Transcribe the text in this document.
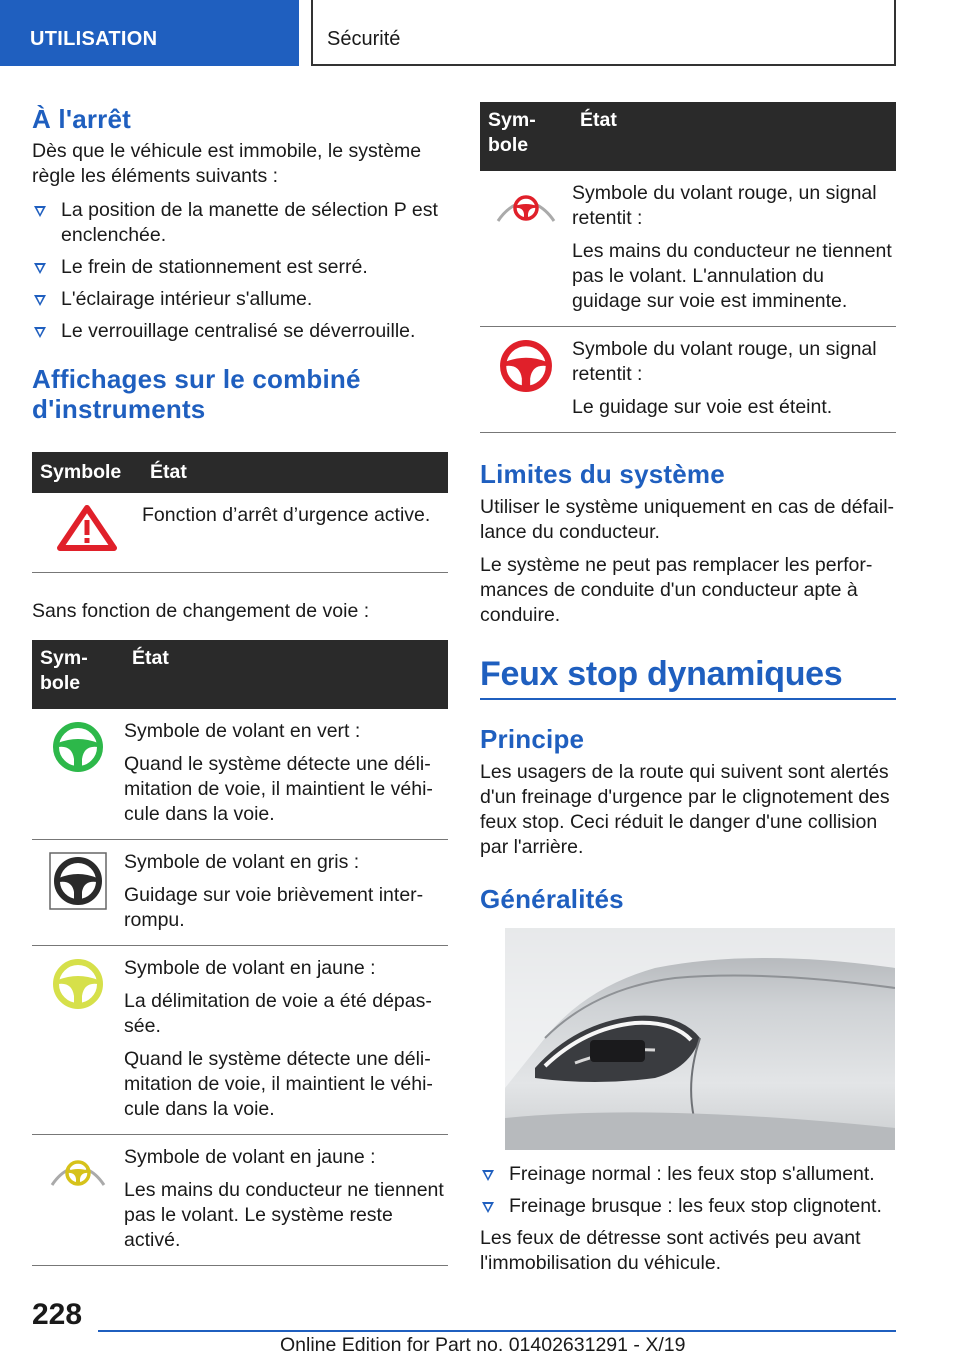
UTILISATION	Sécurité
À l'arrêt

Dès que le véhicule est immobile, le système règle les éléments suivants :

La position de la manette de sélection P est enclenchée.
Le frein de stationnement est serré.
L'éclairage intérieur s'allume.
Le verrouillage centralisé se déverrouille.
Affichages sur le combiné d'instruments
Symbole	État

Fonction d’arrêt d’urgence active.

Sans fonction de changement de voie :

Symbole	État

Symbole de volant en vert :

Quand le système détecte une délimitation de voie, il maintient le véhicule dans la voie.

Symbole de volant en gris :

Guidage sur voie brièvement interrompu.

Symbole de volant en jaune :

La délimitation de voie a été dépassée.

Quand le système détecte une délimitation de voie, il maintient le véhicule dans la voie.

Symbole de volant en jaune :

Les mains du conducteur ne tiennent pas le volant. Le système reste activé.

Symbole	État

Symbole du volant rouge, un signal retentit :

Les mains du conducteur ne tiennent pas le volant. L'annulation du guidage sur voie est imminente.

Symbole du volant rouge, un signal retentit :

Le guidage sur voie est éteint.

Limites du système

Utiliser le système uniquement en cas de défaillance du conducteur.

Le système ne peut pas remplacer les performances de conduite d'un conducteur apte à conduire.

Feux stop dynamiques
Principe

Les usagers de la route qui suivent sont alertés d'un freinage d'urgence par le clignotement des feux stop. Ceci réduit le danger d'une collision par l'arrière.

Généralités
Freinage normal : les feux stop s'allument.
Freinage brusque : les feux stop clignotent.

Les feux de détresse sont activés peu avant l'immobilisation du véhicule.

228
Online Edition for Part no. 01402631291 - X/19
